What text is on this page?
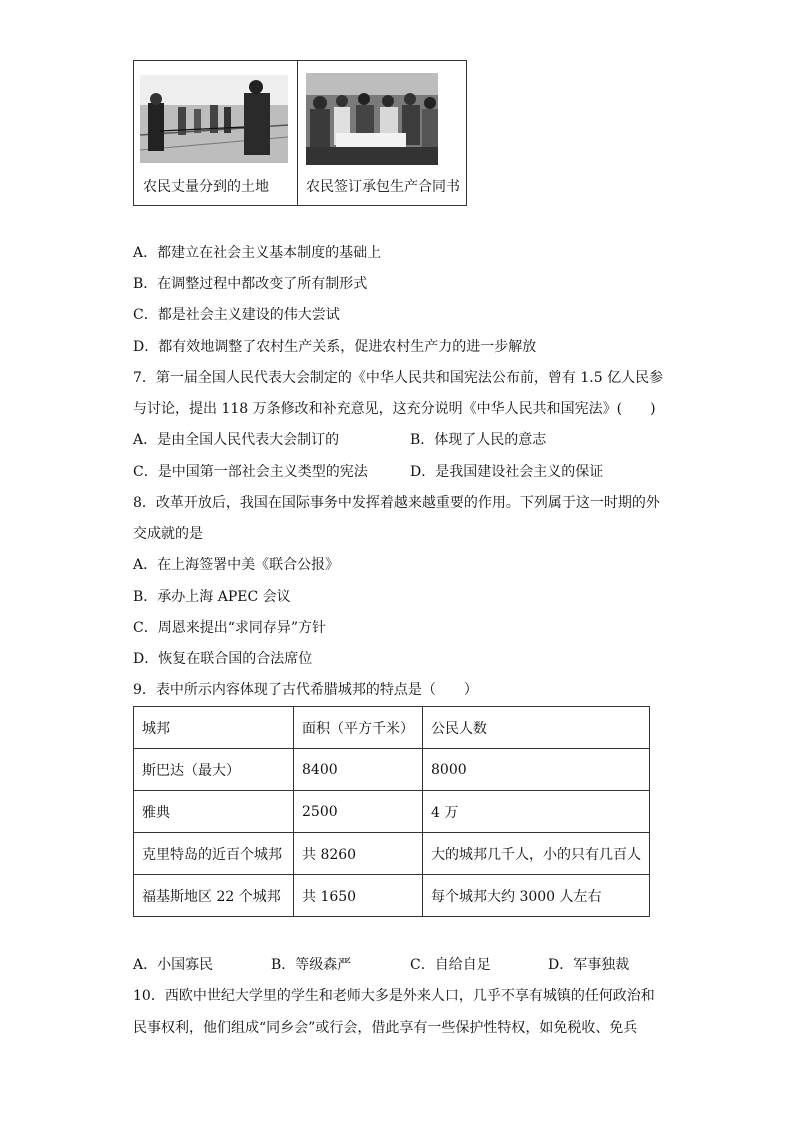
农民丈量分到的土地	农民签订承包生产合同书
A．都建立在社会主义基本制度的基础上
B．在调整过程中都改变了所有制形式
C．都是社会主义建设的伟大尝试
D．都有效地调整了农村生产关系，促进农村生产力的进一步解放
7．第一届全国人民代表大会制定的《中华人民共和国宪法公布前，曾有 1.5 亿人民参
与讨论，提出 118 万条修改和补充意见，这充分说明《中华人民共和国宪法》(　　)
A．是由全国人民代表大会制订的	B．体现了人民的意志
C．是中国第一部社会主义类型的宪法	D．是我国建设社会主义的保证
8．改革开放后，我国在国际事务中发挥着越来越重要的作用。下列属于这一时期的外
交成就的是
A．在上海签署中美《联合公报》
B．承办上海 APEC 会议
C．周恩来提出“求同存异”方针
D．恢复在联合国的合法席位
9．表中所示内容体现了古代希腊城邦的特点是（　　）
城邦	面积（平方千米）	公民人数
斯巴达（最大）	8400	8000
雅典	2500	4 万
克里特岛的近百个城邦	共 8260	大的城邦几千人，小的只有几百人
福基斯地区 22 个城邦	共 1650	每个城邦大约 3000 人左右
A．小国寡民	B．等级森严	C．自给自足	D．军事独裁
10．西欧中世纪大学里的学生和老师大多是外来人口，几乎不享有城镇的任何政治和
民事权利，他们组成“同乡会”或行会，借此享有一些保护性特权，如免税收、免兵
